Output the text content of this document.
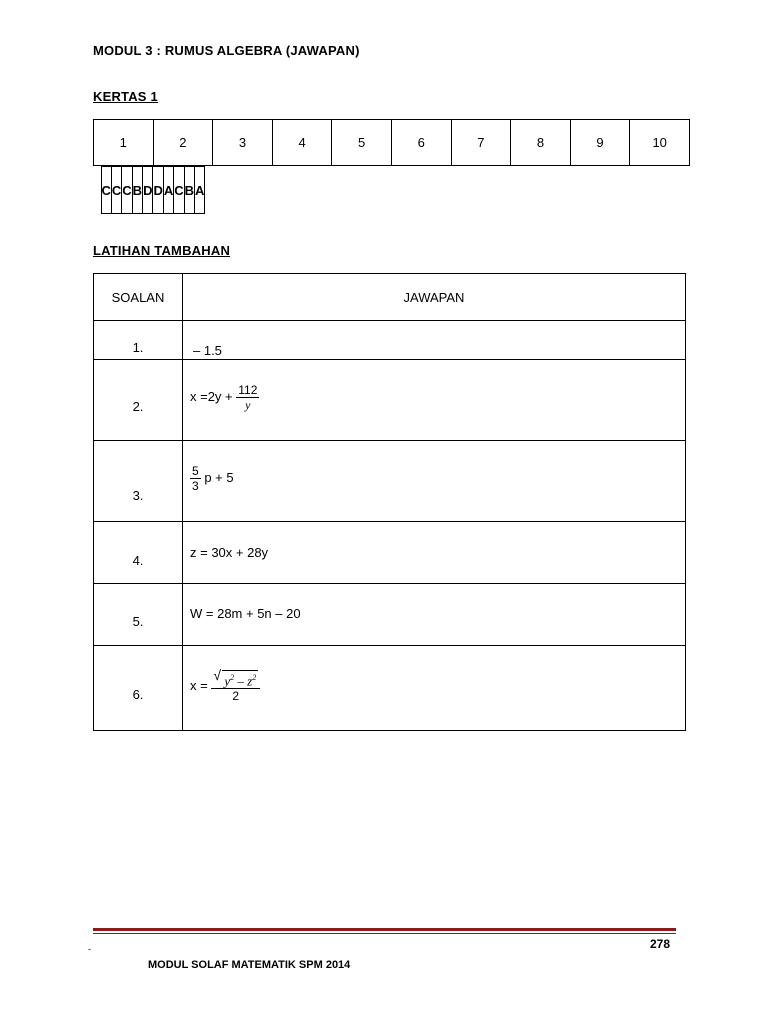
MODUL 3 : RUMUS ALGEBRA (JAWAPAN)
KERTAS 1
1	2	3	4	5	6	7	8	9	10

C	C	C	B	D	D	A	C	B	A
LATIHAN TAMBAHAN
SOALAN	JAWAPAN

1.	– 1.5

2.	$x =2y + \frac{112}{y}$

3.	$\frac{5}{3}$ p + 5

4.	z = 30x + 28y

5.	W = 28m + 5n – 20

6.	$x = \frac{√ y^2 - z^2}{2}$
278
-
MODUL SOLAF MATEMATIK SPM 2014
